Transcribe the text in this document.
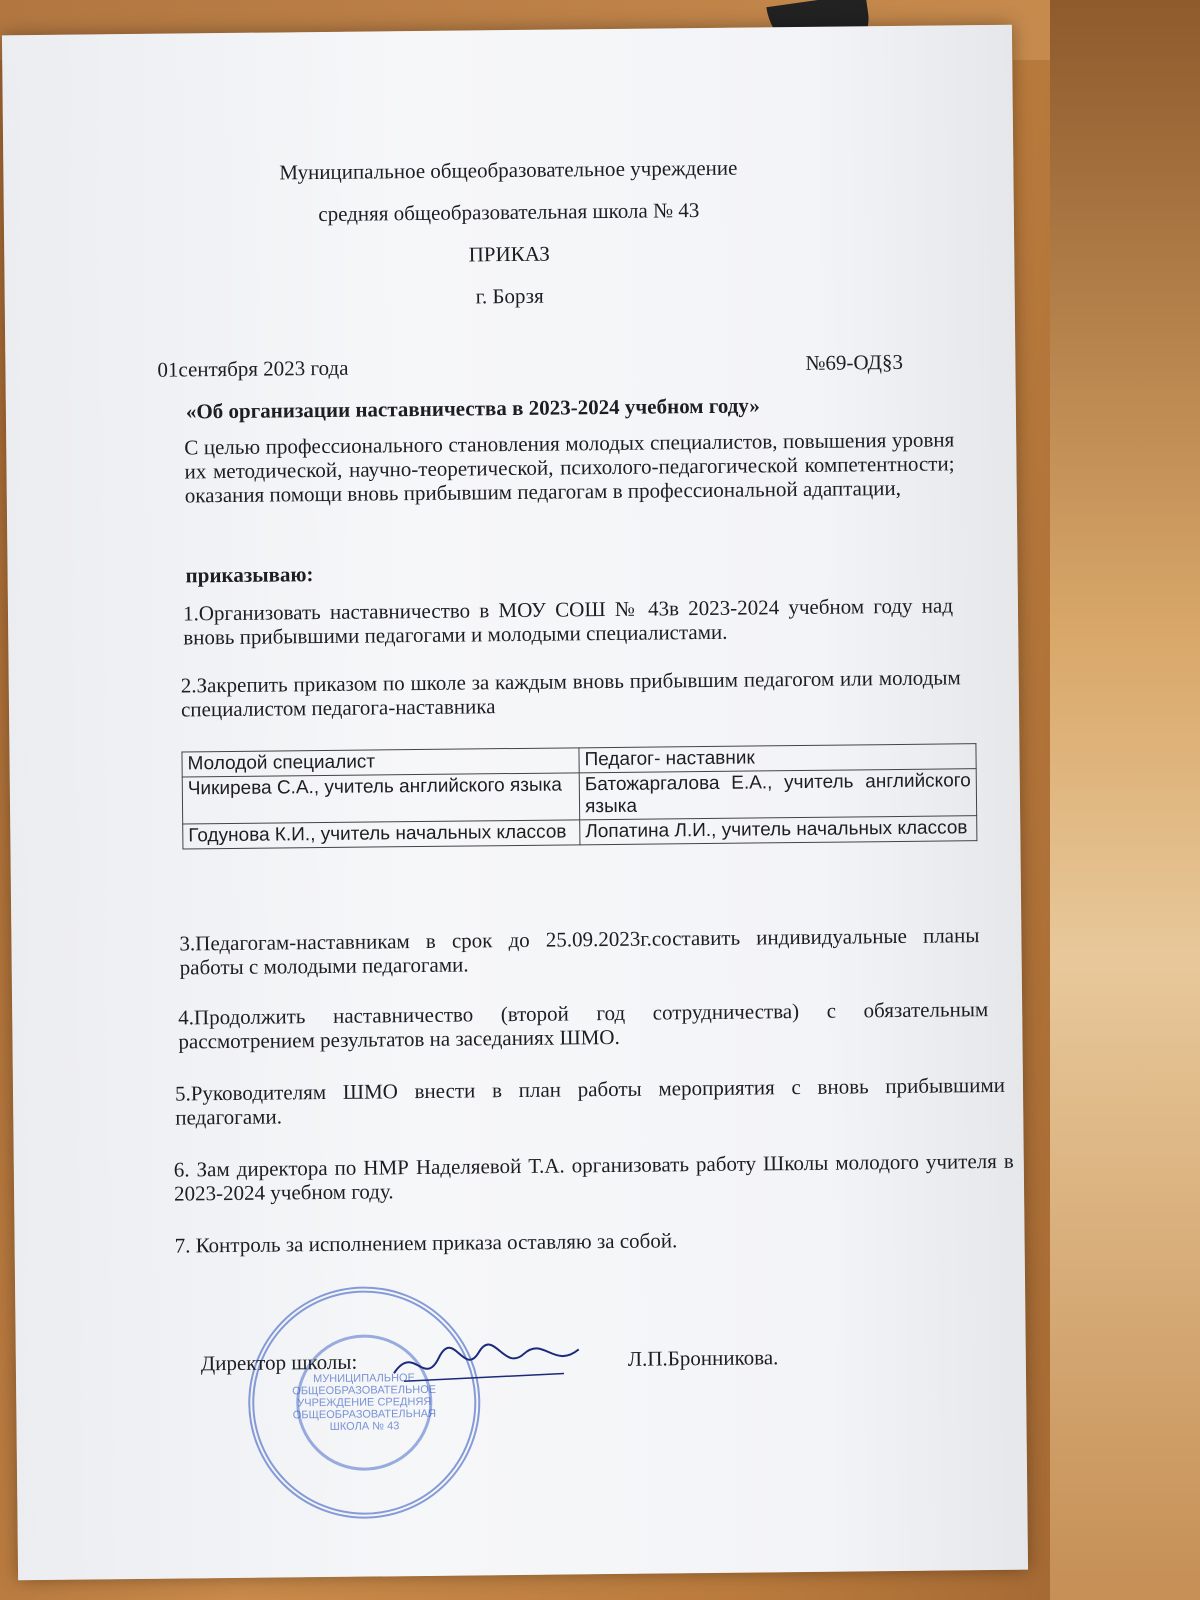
Муниципальное общеобразовательное учреждение
средняя общеобразовательная школа № 43
ПРИКАЗ
г. Борзя
01сентября 2023 года	№69-ОД§3
«Об организации наставничества в 2023-2024 учебном году»
С целью профессионального становления молодых специалистов, повышения уровня их методической, научно-теоретической, психолого-педагогической компетентности; оказания помощи вновь прибывшим педагогам в профессиональной адаптации,
приказываю:
1.Организовать наставничество в МОУ СОШ № 43в 2023-2024 учебном году над вновь прибывшими педагогами и молодыми специалистами.
2.Закрепить приказом по школе за каждым вновь прибывшим педагогом или молодым специалистом педагога-наставника
Молодой специалист	Педагог- наставник
Чикирева С.А., учитель английского языка	Батожаргалова Е.А., учитель английского языка
Годунова К.И., учитель начальных классов	Лопатина Л.И., учитель начальных классов
3.Педагогам-наставникам в срок до 25.09.2023г.составить индивидуальные планы работы с молодыми педагогами.
4.Продолжить наставничество (второй год сотрудничества) с обязательным рассмотрением результатов на заседаниях ШМО.
5.Руководителям ШМО внести в план работы мероприятия с вновь прибывшими педагогами.
6. Зам директора по НМР Наделяевой Т.А. организовать работу Школы молодого учителя в 2023-2024 учебном году.
7. Контроль за исполнением приказа оставляю за собой.
МУНИЦИПАЛЬНОЕ ОБЩЕОБРАЗОВАТЕЛЬНОЕ УЧРЕЖДЕНИЕ СРЕДНЯЯ ОБЩЕОБРАЗОВАТЕЛЬНАЯ ШКОЛА № 43
Директор школы:	Л.П.Бронникова.
